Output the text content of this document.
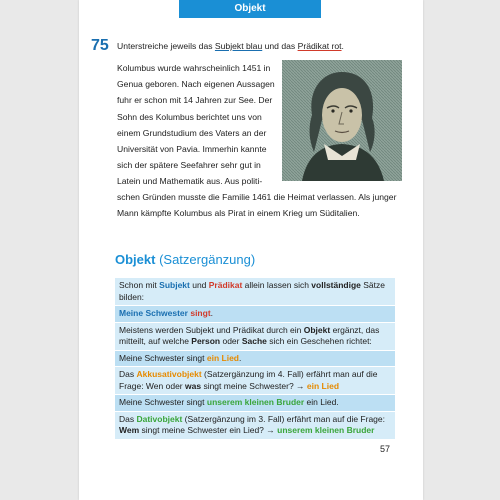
Objekt
75 Unterstreiche jeweils das Subjekt blau und das Prädikat rot.
Kolumbus wurde wahrscheinlich 1451 in
Genua geboren. Nach eigenen Aussagen
fuhr er schon mit 14 Jahren zur See. Der
Sohn des Kolumbus berichtet uns von
einem Grundstudium des Vaters an der
Universität von Pavia. Immerhin kannte
sich der spätere Seefahrer sehr gut in
Latein und Mathematik aus. Aus politi-
schen Gründen musste die Familie 1461 die Heimat verlassen. Als junger
Mann kämpfte Kolumbus als Pirat in einem Krieg um Süditalien.
Objekt (Satzergänzung)
Schon mit Subjekt und Prädikat allein lassen sich vollständige Sätze bilden:
Meine Schwester singt.
Meistens werden Subjekt und Prädikat durch ein Objekt ergänzt, das mitteilt, auf welche Person oder Sache sich ein Geschehen richtet:
Meine Schwester singt ein Lied.
Das Akkusativobjekt (Satzergänzung im 4. Fall) erfährt man auf die Frage: Wen oder was singt meine Schwester? → ein Lied
Meine Schwester singt unserem kleinen Bruder ein Lied.
Das Dativobjekt (Satzergänzung im 3. Fall) erfährt man auf die Frage: Wem singt meine Schwester ein Lied? → unserem kleinen Bruder
57
